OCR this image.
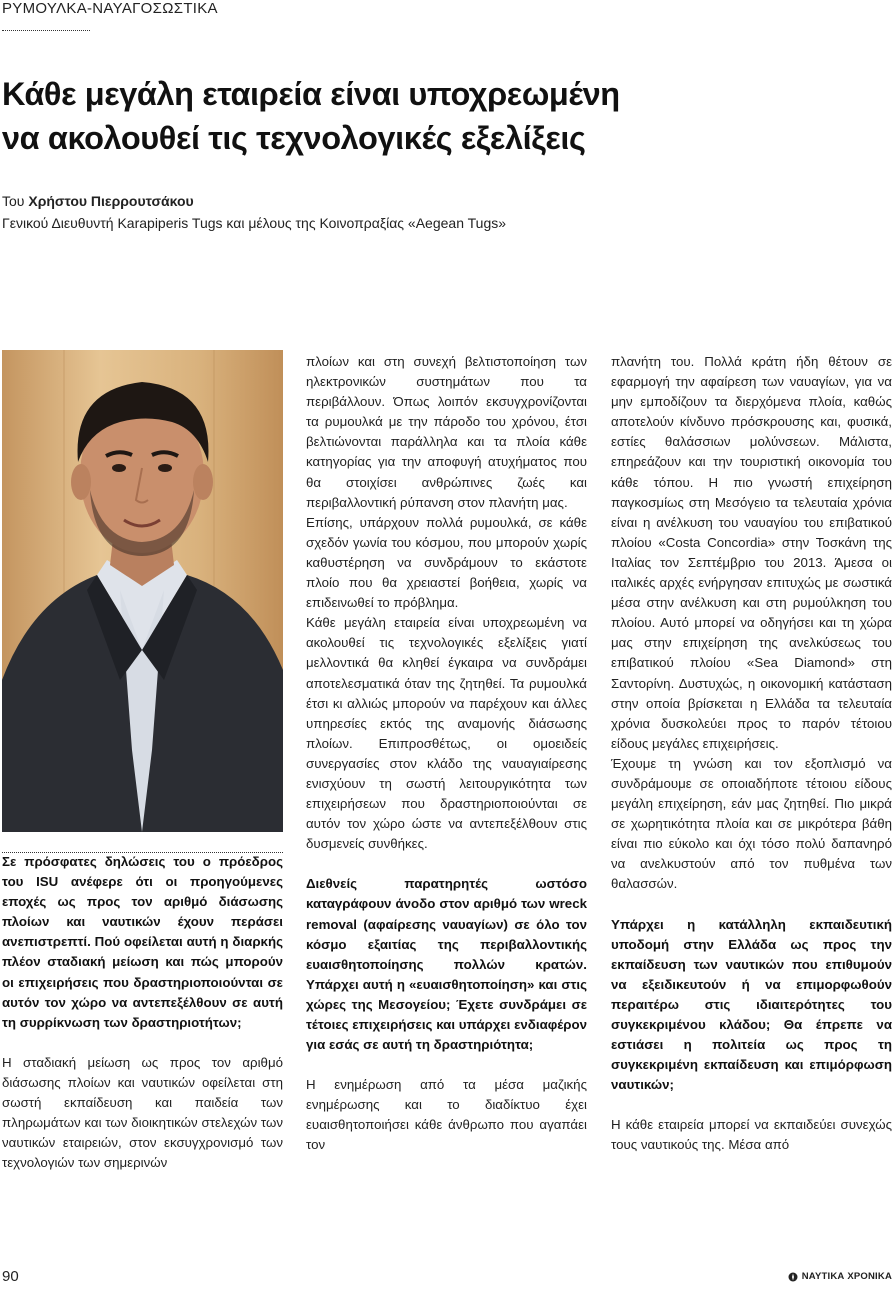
ΡΥΜΟΥΛΚΑ-ΝΑΥΑΓΟΣΩΣΤΙΚΑ
Κάθε μεγάλη εταιρεία είναι υποχρεωμένη
να ακολουθεί τις τεχνολογικές εξελίξεις
Του Χρήστου Πιερρουτσάκου
Γενικού Διευθυντή Karapiperis Tugs και μέλους της Κοινοπραξίας «Aegean Tugs»

Σε πρόσφατες δηλώσεις του ο πρόεδρος του ISU ανέφερε ότι οι προηγούμενες εποχές ως προς τον αριθμό διάσωσης πλοίων και ναυτικών έχουν περάσει ανεπιστρεπτί. Πού οφείλεται αυτή η διαρκής πλέον σταδιακή μείωση και πώς μπορούν οι επιχειρήσεις που δραστηριοποιούνται σε αυτόν τον χώρο να αντεπεξέλθουν σε αυτή τη συρρίκνωση των δραστηριοτήτων;

Η σταδιακή μείωση ως προς τον αριθμό διάσωσης πλοίων και ναυτικών οφείλεται στη σωστή εκπαίδευση και παιδεία των πληρωμάτων και των διοικητικών στελεχών των ναυτικών εταιρειών, στον εκσυγχρονισμό των τεχνολογιών των σημερινών

πλοίων και στη συνεχή βελτιστοποίηση των ηλεκτρονικών συστημάτων που τα περιβάλλουν. Όπως λοιπόν εκσυγχρονίζονται τα ρυμουλκά με την πάροδο του χρόνου, έτσι βελτιώνονται παράλληλα και τα πλοία κάθε κατηγορίας για την αποφυγή ατυχήματος που θα στοιχίσει ανθρώπινες ζωές και περιβαλλοντική ρύπανση στον πλανήτη μας.

Επίσης, υπάρχουν πολλά ρυμουλκά, σε κάθε σχεδόν γωνία του κόσμου, που μπορούν χωρίς καθυστέρηση να συνδράμουν το εκάστοτε πλοίο που θα χρειαστεί βοήθεια, χωρίς να επιδεινωθεί το πρόβλημα.

Κάθε μεγάλη εταιρεία είναι υποχρεωμένη να ακολουθεί τις τεχνολογικές εξελίξεις γιατί μελλοντικά θα κληθεί έγκαιρα να συνδράμει αποτελεσματικά όταν της ζητηθεί. Τα ρυμουλκά έτσι κι αλλιώς μπορούν να παρέχουν και άλλες υπηρεσίες εκτός της αναμονής διάσωσης πλοίων. Επιπροσθέτως, οι ομοειδείς συνεργασίες στον κλάδο της ναυαγιαίρεσης ενισχύουν τη σωστή λειτουργικότητα των επιχειρήσεων που δραστηριοποιούνται σε αυτόν τον χώρο ώστε να αντεπεξέλθουν στις δυσμενείς συνθήκες.

Διεθνείς παρατηρητές ωστόσο καταγράφουν άνοδο στον αριθμό των wreck removal (αφαίρεσης ναυαγίων) σε όλο τον κόσμο εξαιτίας της περιβαλλοντικής ευαισθητοποίησης πολλών κρατών. Υπάρχει αυτή η «ευαισθητοποίηση» και στις χώρες της Μεσογείου; Έχετε συνδράμει σε τέτοιες επιχειρήσεις και υπάρχει ενδιαφέρον για εσάς σε αυτή τη δραστηριότητα;

Η ενημέρωση από τα μέσα μαζικής ενημέρωσης και το διαδίκτυο έχει ευαισθητοποιήσει κάθε άνθρωπο που αγαπάει τον

πλανήτη του. Πολλά κράτη ήδη θέτουν σε εφαρμογή την αφαίρεση των ναυαγίων, για να μην εμποδίζουν τα διερχόμενα πλοία, καθώς αποτελούν κίνδυνο πρόσκρουσης και, φυσικά, εστίες θαλάσσιων μολύνσεων. Μάλιστα, επηρεάζουν και την τουριστική οικονομία του κάθε τόπου. Η πιο γνωστή επιχείρηση παγκοσμίως στη Μεσόγειο τα τελευταία χρόνια είναι η ανέλκυση του ναυαγίου του επιβατικού πλοίου «Costa Concordia» στην Τοσκάνη της Ιταλίας τον Σεπτέμβριο του 2013. Άμεσα οι ιταλικές αρχές ενήργησαν επιτυχώς με σωστικά μέσα στην ανέλκυση και στη ρυμούλκηση του πλοίου. Αυτό μπορεί να οδηγήσει και τη χώρα μας στην επιχείρηση της ανελκύσεως του επιβατικού πλοίου «Sea Diamond» στη Σαντορίνη. Δυστυχώς, η οικονομική κατάσταση στην οποία βρίσκεται η Ελλάδα τα τελευταία χρόνια δυσκολεύει προς το παρόν τέτοιου είδους μεγάλες επιχειρήσεις.

Έχουμε τη γνώση και τον εξοπλισμό να συνδράμουμε σε οποιαδήποτε τέτοιου είδους μεγάλη επιχείρηση, εάν μας ζητηθεί. Πιο μικρά σε χωρητικότητα πλοία και σε μικρότερα βάθη είναι πιο εύκολο και όχι τόσο πολύ δαπανηρό να ανελκυστούν από τον πυθμένα των θαλασσών.

Υπάρχει η κατάλληλη εκπαιδευτική υποδομή στην Ελλάδα ως προς την εκπαίδευση των ναυτικών που επιθυμούν να εξειδικευτούν ή να επιμορφωθούν περαιτέρω στις ιδιαιτερότητες του συγκεκριμένου κλάδου; Θα έπρεπε να εστιάσει η πολιτεία ως προς τη συγκεκριμένη εκπαίδευση και επιμόρφωση ναυτικών;

Η κάθε εταιρεία μπορεί να εκπαιδεύει συνεχώς τους ναυτικούς της. Μέσα από

90	ΝΑΥΤΙΚΑ ΧΡΟΝΙΚΑ
